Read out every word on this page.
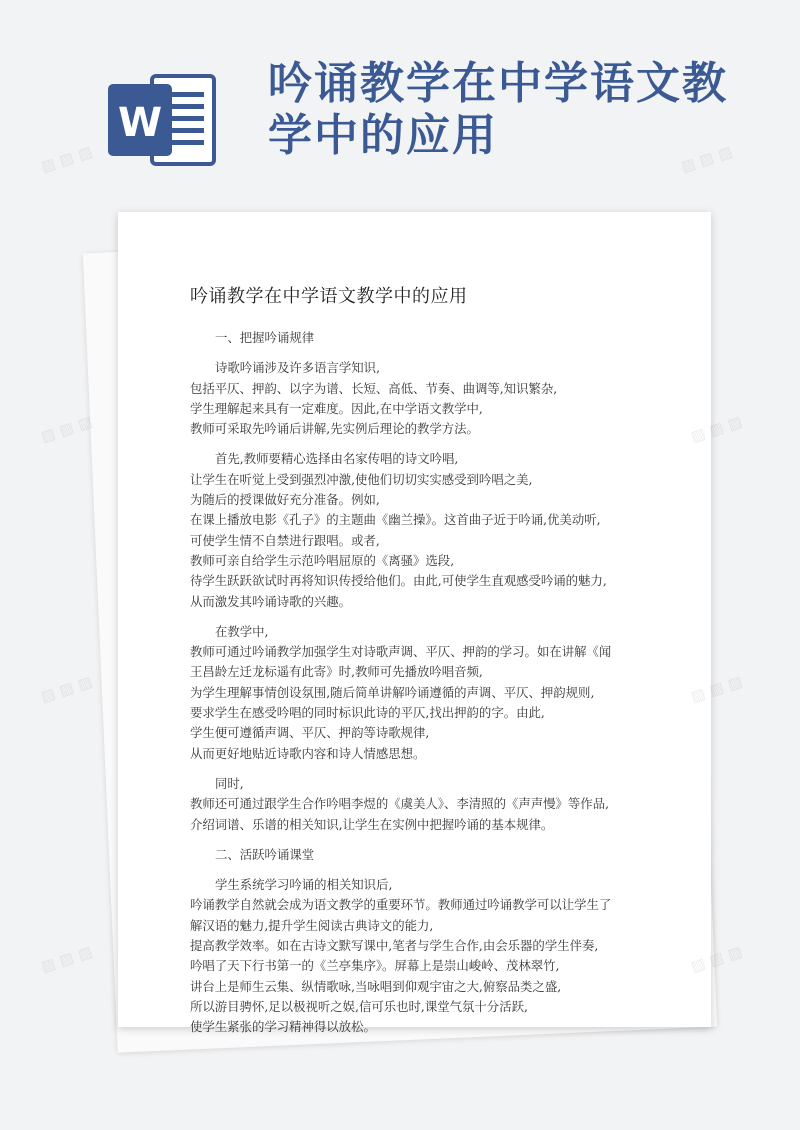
W
吟诵教学在中学语文教
学中的应用
吟诵教学在中学语文教学中的应用
一、把握吟诵规律
诗歌吟诵涉及许多语言学知识,
包括平仄、押韵、以字为谱、长短、高低、节奏、曲调等,知识繁杂,
学生理解起来具有一定难度。因此,在中学语文教学中,
教师可采取先吟诵后讲解,先实例后理论的教学方法。
首先,教师要精心选择由名家传唱的诗文吟唱,
让学生在听觉上受到强烈冲激,使他们切切实实感受到吟唱之美,
为随后的授课做好充分准备。例如,
在课上播放电影《孔子》的主题曲《幽兰操》。这首曲子近于吟诵,优美动听,
可使学生情不自禁进行跟唱。或者,
教师可亲自给学生示范吟唱屈原的《离骚》选段,
待学生跃跃欲试时再将知识传授给他们。由此,可使学生直观感受吟诵的魅力,
从而激发其吟诵诗歌的兴趣。
在教学中,
教师可通过吟诵教学加强学生对诗歌声调、平仄、押韵的学习。如在讲解《闻
王昌龄左迁龙标遥有此寄》时,教师可先播放吟唱音频,
为学生理解事情创设氛围,随后简单讲解吟诵遵循的声调、平仄、押韵规则,
要求学生在感受吟唱的同时标识此诗的平仄,找出押韵的字。由此,
学生便可遵循声调、平仄、押韵等诗歌规律,
从而更好地贴近诗歌内容和诗人情感思想。
同时,
教师还可通过跟学生合作吟唱李煜的《虞美人》、李清照的《声声慢》等作品,
介绍词谱、乐谱的相关知识,让学生在实例中把握吟诵的基本规律。
二、活跃吟诵课堂
学生系统学习吟诵的相关知识后,
吟诵教学自然就会成为语文教学的重要环节。教师通过吟诵教学可以让学生了
解汉语的魅力,提升学生阅读古典诗文的能力,
提高教学效率。如在古诗文默写课中,笔者与学生合作,由会乐器的学生伴奏,
吟唱了天下行书第一的《兰亭集序》。屏幕上是崇山峻岭、茂林翠竹,
讲台上是师生云集、纵情歌咏,当咏唱到仰观宇宙之大,俯察品类之盛,
所以游目骋怀,足以极视听之娱,信可乐也时,课堂气氛十分活跃,
使学生紧张的学习精神得以放松。
▨ ▨ ▨	▨ ▨ ▨
▨ ▨ ▨	▨ ▨ ▨
▨ ▨ ▨	▨ ▨ ▨
▨ ▨ ▨	▨ ▨ ▨
